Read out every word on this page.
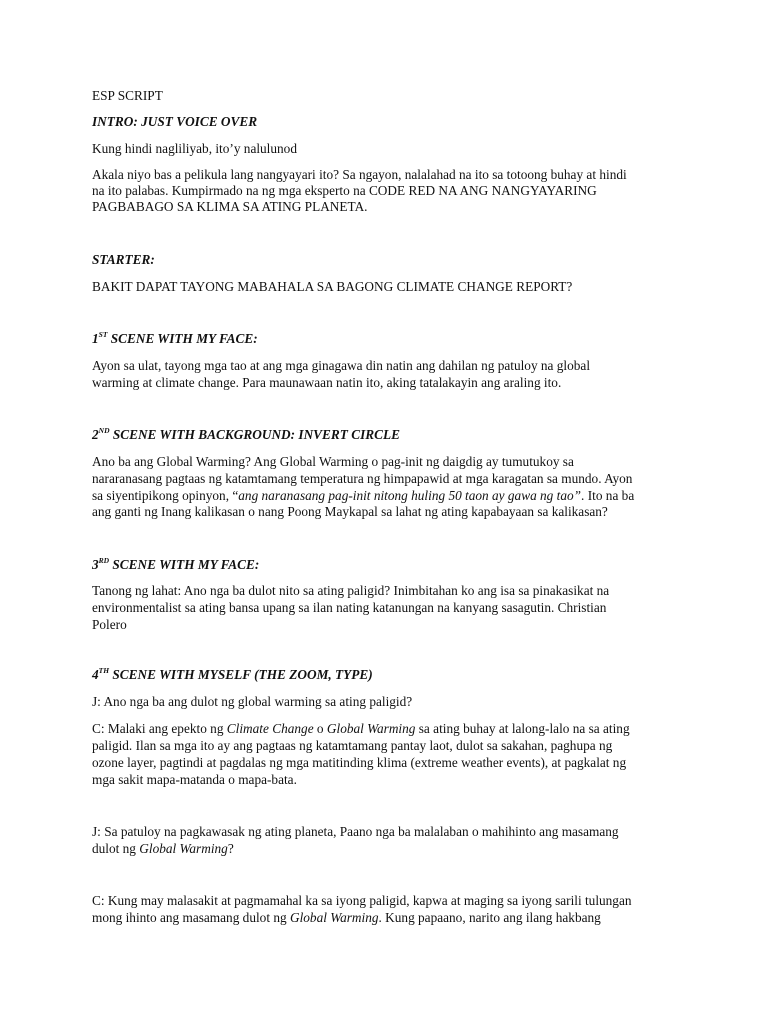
ESP SCRIPT

INTRO: JUST VOICE OVER

Kung hindi nagliliyab, ito’y nalulunod

Akala niyo bas a pelikula lang nangyayari ito? Sa ngayon, nalalahad na ito sa totoong buhay at hindi

na ito palabas. Kumpirmado na ng mga eksperto na CODE RED NA ANG NANGYAYARING

PAGBABAGO SA KLIMA SA ATING PLANETA.

STARTER:

BAKIT DAPAT TAYONG MABAHALA SA BAGONG CLIMATE CHANGE REPORT?

1ST SCENE WITH MY FACE:

Ayon sa ulat, tayong mga tao at ang mga ginagawa din natin ang dahilan ng patuloy na global

warming at climate change. Para maunawaan natin ito, aking tatalakayin ang araling ito.

2ND SCENE WITH BACKGROUND: INVERT CIRCLE

Ano ba ang Global Warming? Ang Global Warming o pag-init ng daigdig ay tumutukoy sa

nararanasang pagtaas ng katamtamang temperatura ng himpapawid at mga karagatan sa mundo. Ayon

sa siyentipikong opinyon, “ang naranasang pag-init nitong huling 50 taon ay gawa ng tao”. Ito na ba

ang ganti ng Inang kalikasan o nang Poong Maykapal sa lahat ng ating kapabayaan sa kalikasan?

3RD SCENE WITH MY FACE:

Tanong ng lahat: Ano nga ba dulot nito sa ating paligid? Inimbitahan ko ang isa sa pinakasikat na

environmentalist sa ating bansa upang sa ilan nating katanungan na kanyang sasagutin. Christian

Polero

4TH SCENE WITH MYSELF (THE ZOOM, TYPE)

J: Ano nga ba ang dulot ng global warming sa ating paligid?

C: Malaki ang epekto ng Climate Change o Global Warming sa ating buhay at lalong-lalo na sa ating

paligid. Ilan sa mga ito ay ang pagtaas ng katamtamang pantay laot, dulot sa sakahan, paghupa ng

ozone layer, pagtindi at pagdalas ng mga matitinding klima (extreme weather events), at pagkalat ng

mga sakit mapa-matanda o mapa-bata.

J: Sa patuloy na pagkawasak ng ating planeta, Paano nga ba malalaban o mahihinto ang masamang

dulot ng Global Warming?

C: Kung may malasakit at pagmamahal ka sa iyong paligid, kapwa at maging sa iyong sarili tulungan

mong ihinto ang masamang dulot ng Global Warming. Kung papaano, narito ang ilang hakbang
